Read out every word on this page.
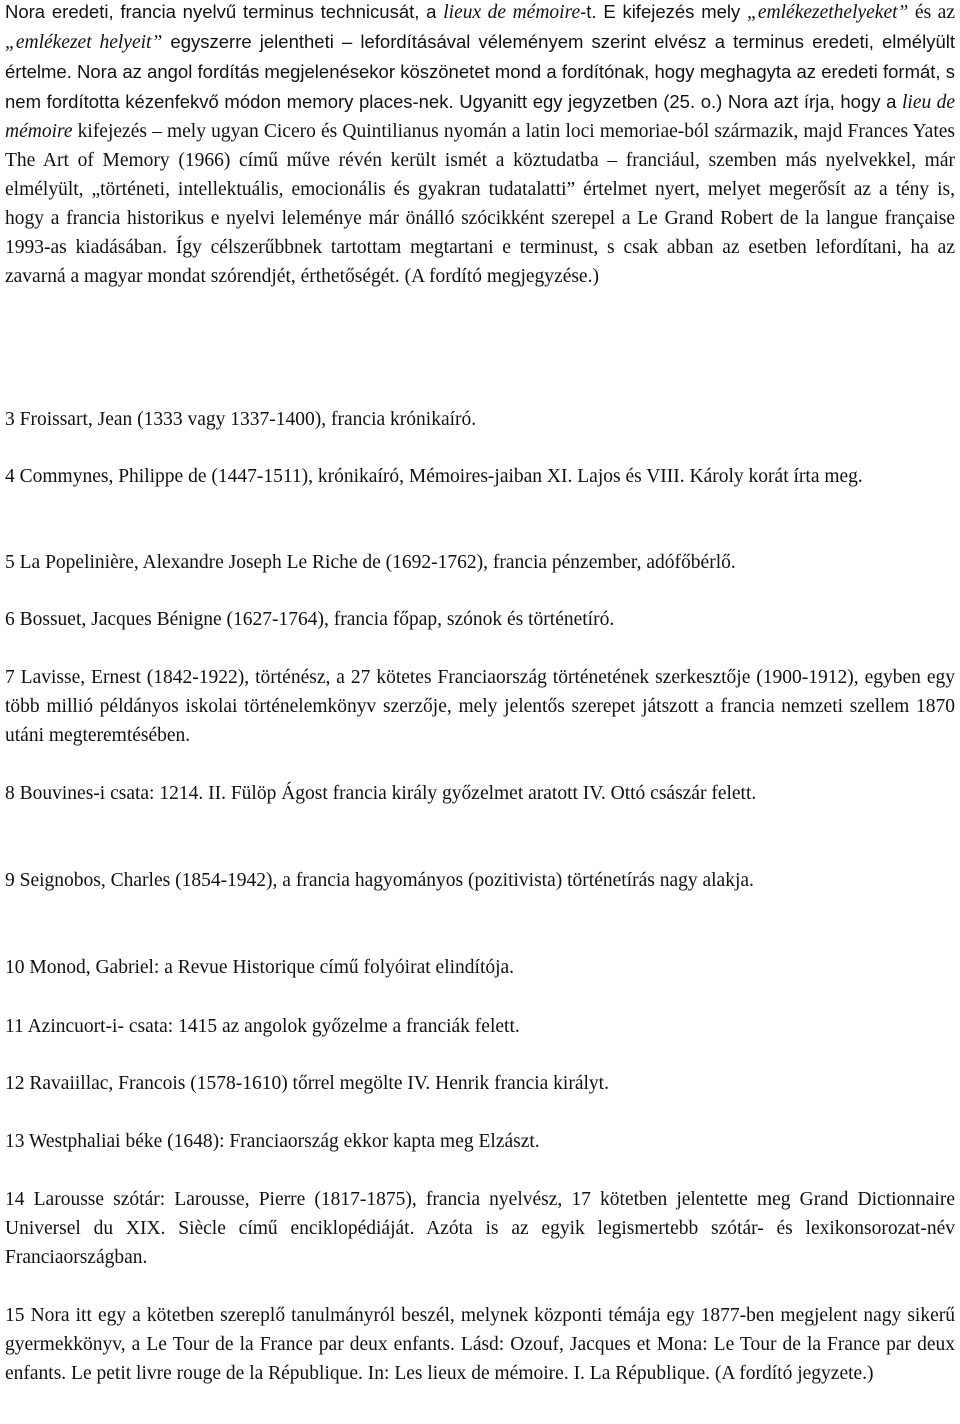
Nora eredeti, francia nyelvű terminus technicusát, a lieux de mémoire-t. E kifejezés mely „emlékezethelyeket” és az „emlékezet helyeit” egyszerre jelentheti – lefordításával véleményem szerint elvész a terminus eredeti, elmélyült értelme. Nora az angol fordítás megjelenésekor köszönetet mond a fordítónak, hogy meghagyta az eredeti formát, s nem fordította kézenfekvő módon memory places-nek. Ugyanitt egy jegyzetben (25. o.) Nora azt írja, hogy a lieu de mémoire kifejezés – mely ugyan Cicero és Quintilianus nyomán a latin loci memoriae-ból származik, majd Frances Yates The Art of Memory (1966) című műve révén került ismét a köztudatba – franciául, szemben más nyelvekkel, már elmélyült, „történeti, intellektuális, emocionális és gyakran tudatalatti” értelmet nyert, melyet megerősít az a tény is, hogy a francia historikus e nyelvi leleménye már önálló szócikként szerepel a Le Grand Robert de la langue française 1993-as kiadásában. Így célszerűbbnek tartottam megtartani e terminust, s csak abban az esetben lefordítani, ha az zavarná a magyar mondat szórendjét, érthetőségét. (A fordító megjegyzése.)

3 Froissart, Jean (1333 vagy 1337-1400), francia krónikaíró.

4 Commynes, Philippe de (1447-1511), krónikaíró, Mémoires-jaiban XI. Lajos és VIII. Károly korát írta meg.

5 La Popelinière, Alexandre Joseph Le Riche de (1692-1762), francia pénzember, adófőbérlő.

6 Bossuet, Jacques Bénigne (1627-1764), francia főpap, szónok és történetíró.

7 Lavisse, Ernest (1842-1922), történész, a 27 kötetes Franciaország történetének szerkesztője (1900-1912), egyben egy több millió példányos iskolai történelemkönyv szerzője, mely jelentős szerepet játszott a francia nemzeti szellem 1870 utáni megteremtésében.

8 Bouvines-i csata: 1214. II. Fülöp Ágost francia király győzelmet aratott IV. Ottó császár felett.

9 Seignobos, Charles (1854-1942), a francia hagyományos (pozitivista) történetírás nagy alakja.

10 Monod, Gabriel: a Revue Historique című folyóirat elindítója.

11 Azincuort-i- csata: 1415 az angolok győzelme a franciák felett.

12 Ravaiillac, Francois (1578-1610) tőrrel megölte IV. Henrik francia királyt.

13 Westphaliai béke (1648): Franciaország ekkor kapta meg Elzászt.

14 Larousse szótár: Larousse, Pierre (1817-1875), francia nyelvész, 17 kötetben jelentette meg Grand Dictionnaire Universel du XIX. Siècle című enciklopédiáját. Azóta is az egyik legismertebb szótár- és lexikonsorozat-név Franciaországban.

15 Nora itt egy a kötetben szereplő tanulmányról beszél, melynek központi témája egy 1877-ben megjelent nagy sikerű gyermekkönyv, a Le Tour de la France par deux enfants. Lásd: Ozouf, Jacques et Mona: Le Tour de la France par deux enfants. Le petit livre rouge de la République. In: Les lieux de mémoire. I. La République. (A fordító jegyzete.)
